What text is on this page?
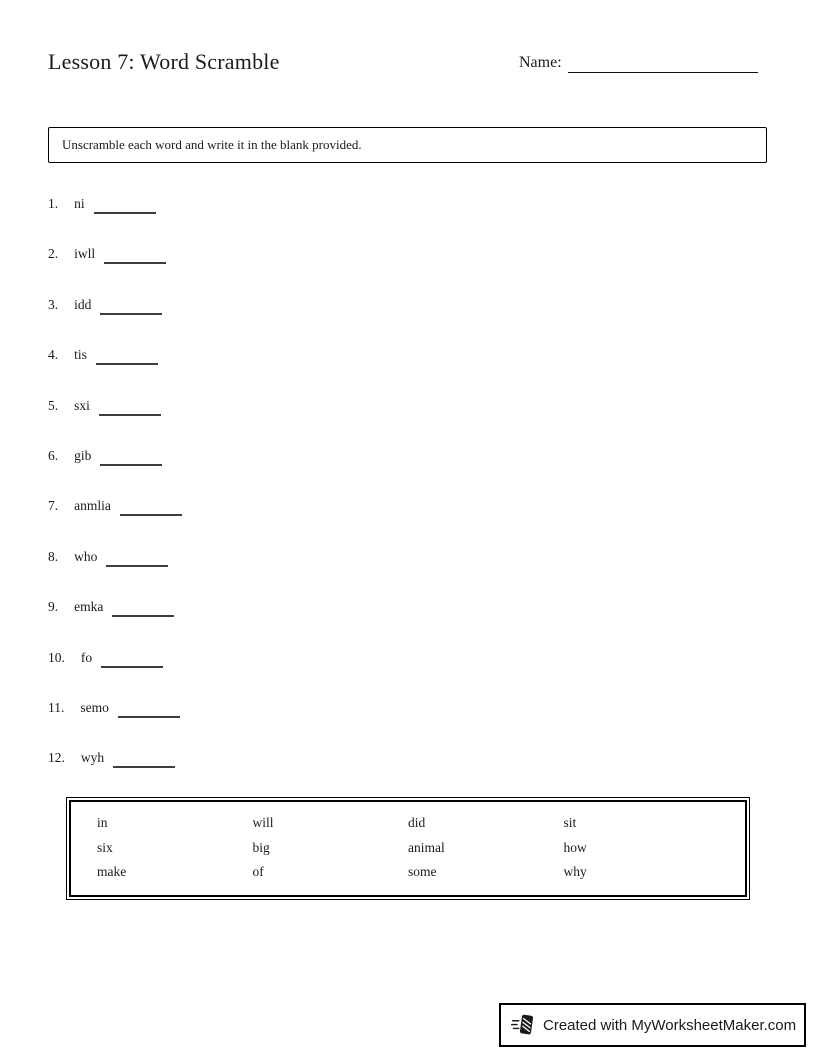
Lesson 7: Word Scramble	Name:
Unscramble each word and write it in the blank provided.
1. ni
2. iwll
3. idd
4. tis
5. sxi
6. gib
7. anmlia
8. who
9. emka
10. fo
11. semo
12. wyh
in	will	did	sit
six	big	animal	how
make	of	some	why
Created with MyWorksheetMaker.com
